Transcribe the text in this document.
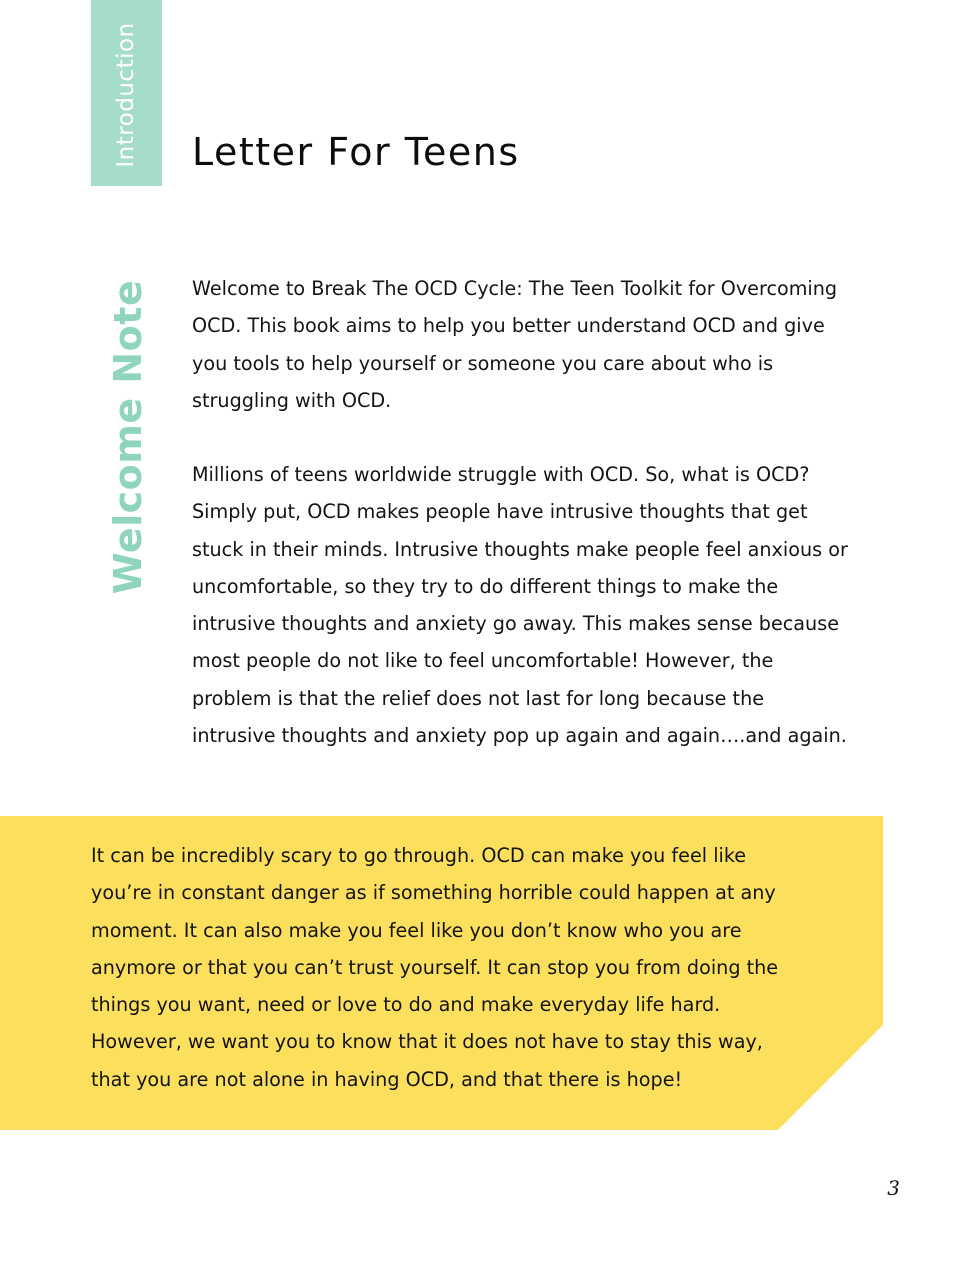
Introduction Letter For Teens
Welcome Note Welcome to Break The OCD Cycle: The Teen Toolkit for Overcoming OCD. This book aims to help you better understand OCD and give you tools to help yourself or someone you care about who is struggling with OCD.

Millions of teens worldwide struggle with OCD. So, what is OCD? Simply put, OCD makes people have intrusive thoughts that get stuck in their minds. Intrusive thoughts make people feel anxious or uncomfortable, so they try to do different things to make the intrusive thoughts and anxiety go away. This makes sense because most people do not like to feel uncomfortable! However, the problem is that the relief does not last for long because the intrusive thoughts and anxiety pop up again and again….and again.

It can be incredibly scary to go through. OCD can make you feel like you’re in constant danger as if something horrible could happen at any moment. It can also make you feel like you don’t know who you are anymore or that you can’t trust yourself. It can stop you from doing the things you want, need or love to do and make everyday life hard. However, we want you to know that it does not have to stay this way, that you are not alone in having OCD, and that there is hope!

3
